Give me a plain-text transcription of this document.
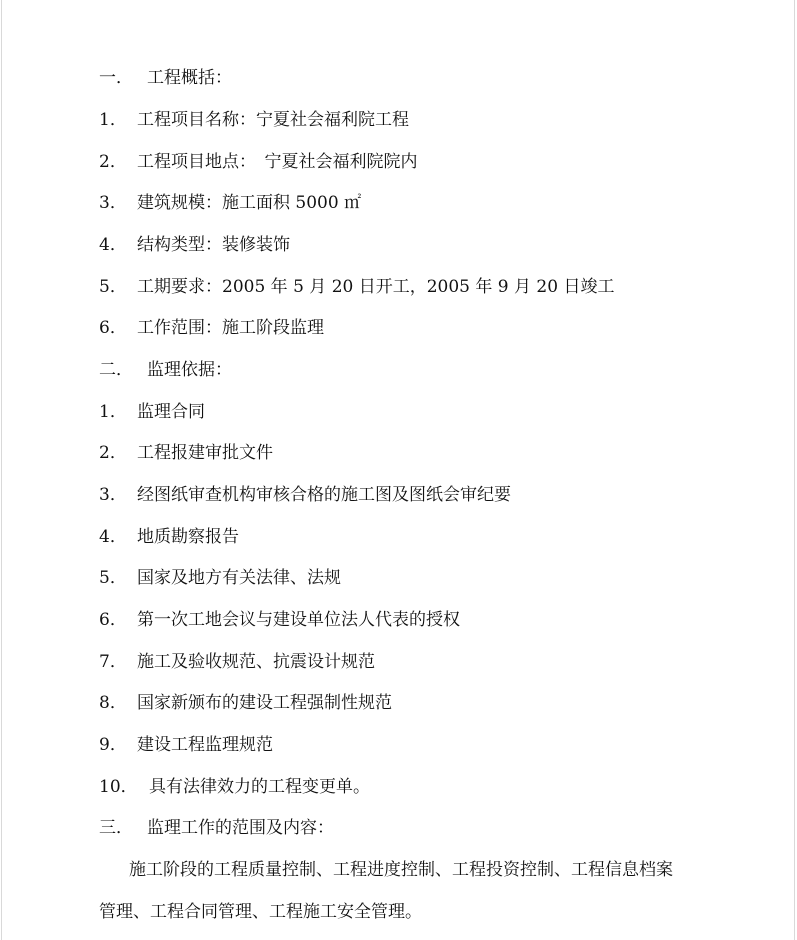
一． 工程概括：
1． 工程项目名称：宁夏社会福利院工程
2． 工程项目地点：　宁夏社会福利院院内
3． 建筑规模：施工面积 5000 ㎡
4． 结构类型：装修装饰
5． 工期要求：2005 年 5 月 20 日开工，2005 年 9 月 20 日竣工
6． 工作范围：施工阶段监理
二． 监理依据：
1． 监理合同
2． 工程报建审批文件
3． 经图纸审查机构审核合格的施工图及图纸会审纪要
4． 地质勘察报告
5． 国家及地方有关法律、法规
6． 第一次工地会议与建设单位法人代表的授权
7． 施工及验收规范、抗震设计规范
8． 国家新颁布的建设工程强制性规范
9． 建设工程监理规范
10． 具有法律效力的工程变更单。
三． 监理工作的范围及内容：
施工阶段的工程质量控制、工程进度控制、工程投资控制、工程信息档案
管理、工程合同管理、工程施工安全管理。
